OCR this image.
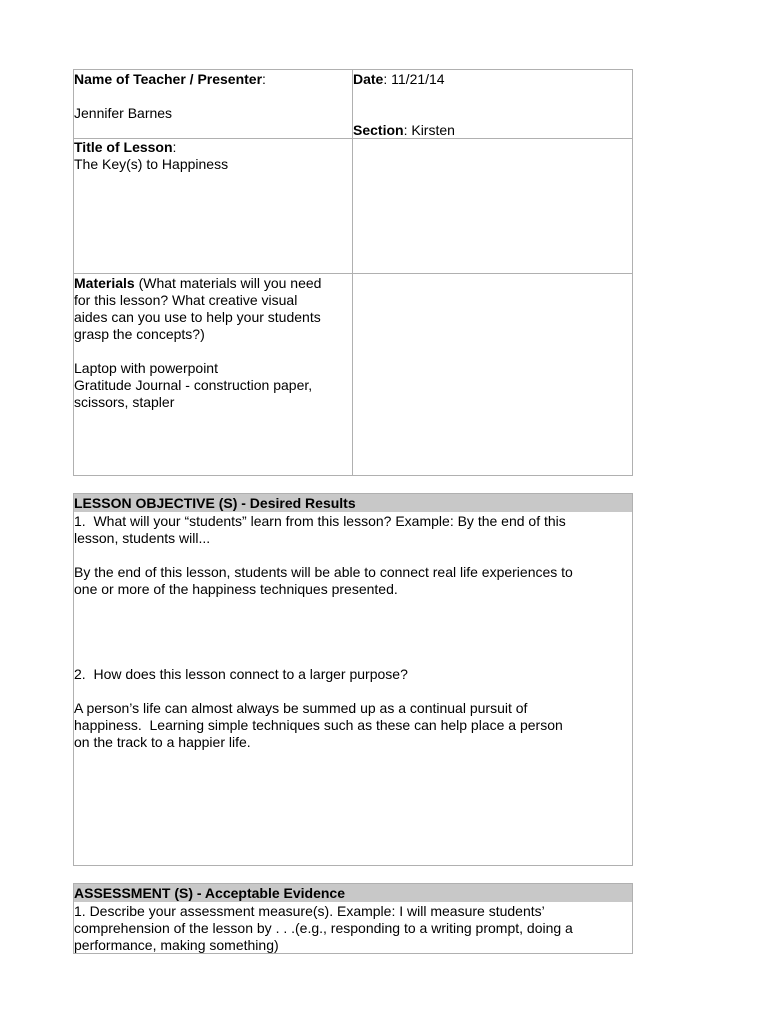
Name of Teacher / Presenter:
Jennifer Barnes
Date: 11/21/14
Section: Kirsten
Title of Lesson:
The Key(s) to Happiness
Materials (What materials will you need
for this lesson? What creative visual
aides can you use to help your students
grasp the concepts?)
Laptop with powerpoint
Gratitude Journal - construction paper,
scissors, stapler
LESSON OBJECTIVE (S) - Desired Results
1.  What will your “students” learn from this lesson? Example: By the end of this
lesson, students will...
By the end of this lesson, students will be able to connect real life experiences to
one or more of the happiness techniques presented.
2.  How does this lesson connect to a larger purpose?
A person’s life can almost always be summed up as a continual pursuit of
happiness.  Learning simple techniques such as these can help place a person
on the track to a happier life.
ASSESSMENT (S) - Acceptable Evidence
1. Describe your assessment measure(s). Example: I will measure students’
comprehension of the lesson by . . .(e.g., responding to a writing prompt, doing a
performance, making something)
